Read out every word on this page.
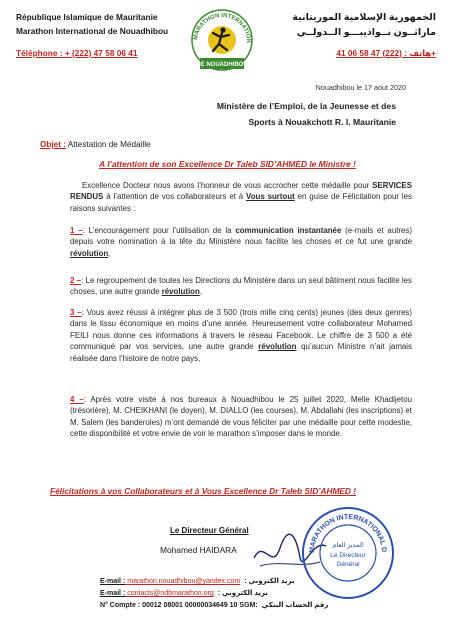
République Islamique de Mauritanie
Marathon International de Nouadhibou
Téléphone : + (222) 47 58 06 41
MARATHON INTERNATION
DE NOUADHIBOU
الجمهورية الإسلامية الموريتانية
ماراثــون نــواذيبـــو الــدولــي
هاتف : (222) 47 58 06 41+
Nouadhibou le 17 aout 2020
Ministère de l’Emploi, de la Jeunesse et des
Sports à Nouakchott R. I. Mauritanie
Objet : Attestation de Médaille
A l’attention de son Excellence Dr Taleb SID’AHMED le Ministre !
Excellence Docteur nous avons l’honneur de vous accrocher cette médaille pour SERVICES RENDUS à l’attention de vos collaborateurs et à Vous surtout en guise de Félicitation pour les raisons suivantes :
1 –: L’encouragement pour l’utilisation de la communication instantanée (e-mails et autres) depuis votre nomination à la tête du Ministère nous facilite les choses et ce fut une grande révolution,
2 –: Le regroupement de toutes les Directions du Ministère dans un seul bâtiment nous facilite les choses, une autre grande révolution,
3 –: Vous avez réussi à intégrer plus de 3 500 (trois mille cinq cents) jeunes (des deux genres) dans le tissu économique en moins d’une année. Heureusement votre collaborateur Mohamed FEILI nous donne ces informations à travers le réseau Facebook. Le chiffre de 3 500 a été communiqué par vos services, une autre grande révolution qu’aucun Ministre n’ait jamais réalisée dans l’histoire de notre pays,
4 –: Après votre visite à nos bureaux à Nouadhibou le 25 juillet 2020, Melle Khadijetou (trésorière), M. CHEIKHANI (le doyen), M. DIALLO (les courses), M. Abdallahi (les inscriptions) et M. Salem (les banderoles) m’ont demandé de vous féliciter par une médaille pour cette modestie, cette disponibilité et votre envie de voir le marathon s’imposer dans le monde.
Félicitations à vos Collaborateurs et à Vous Excellence Dr Taleb SID’AHMED !
Le Directeur Général
Mohamed HAIDARA	MARATHON INTERNATIONAL D
المدير العام
Le Directeur
Général
E-mail : marathon.nouadhibou@yandex.com : بريد الكتروني
E-mail : contacts@ndbmarathon.org : بريد الكتروني
N° Compte : 00012 08001 00000034649 10 SGM: رقم الحساب البنكي
